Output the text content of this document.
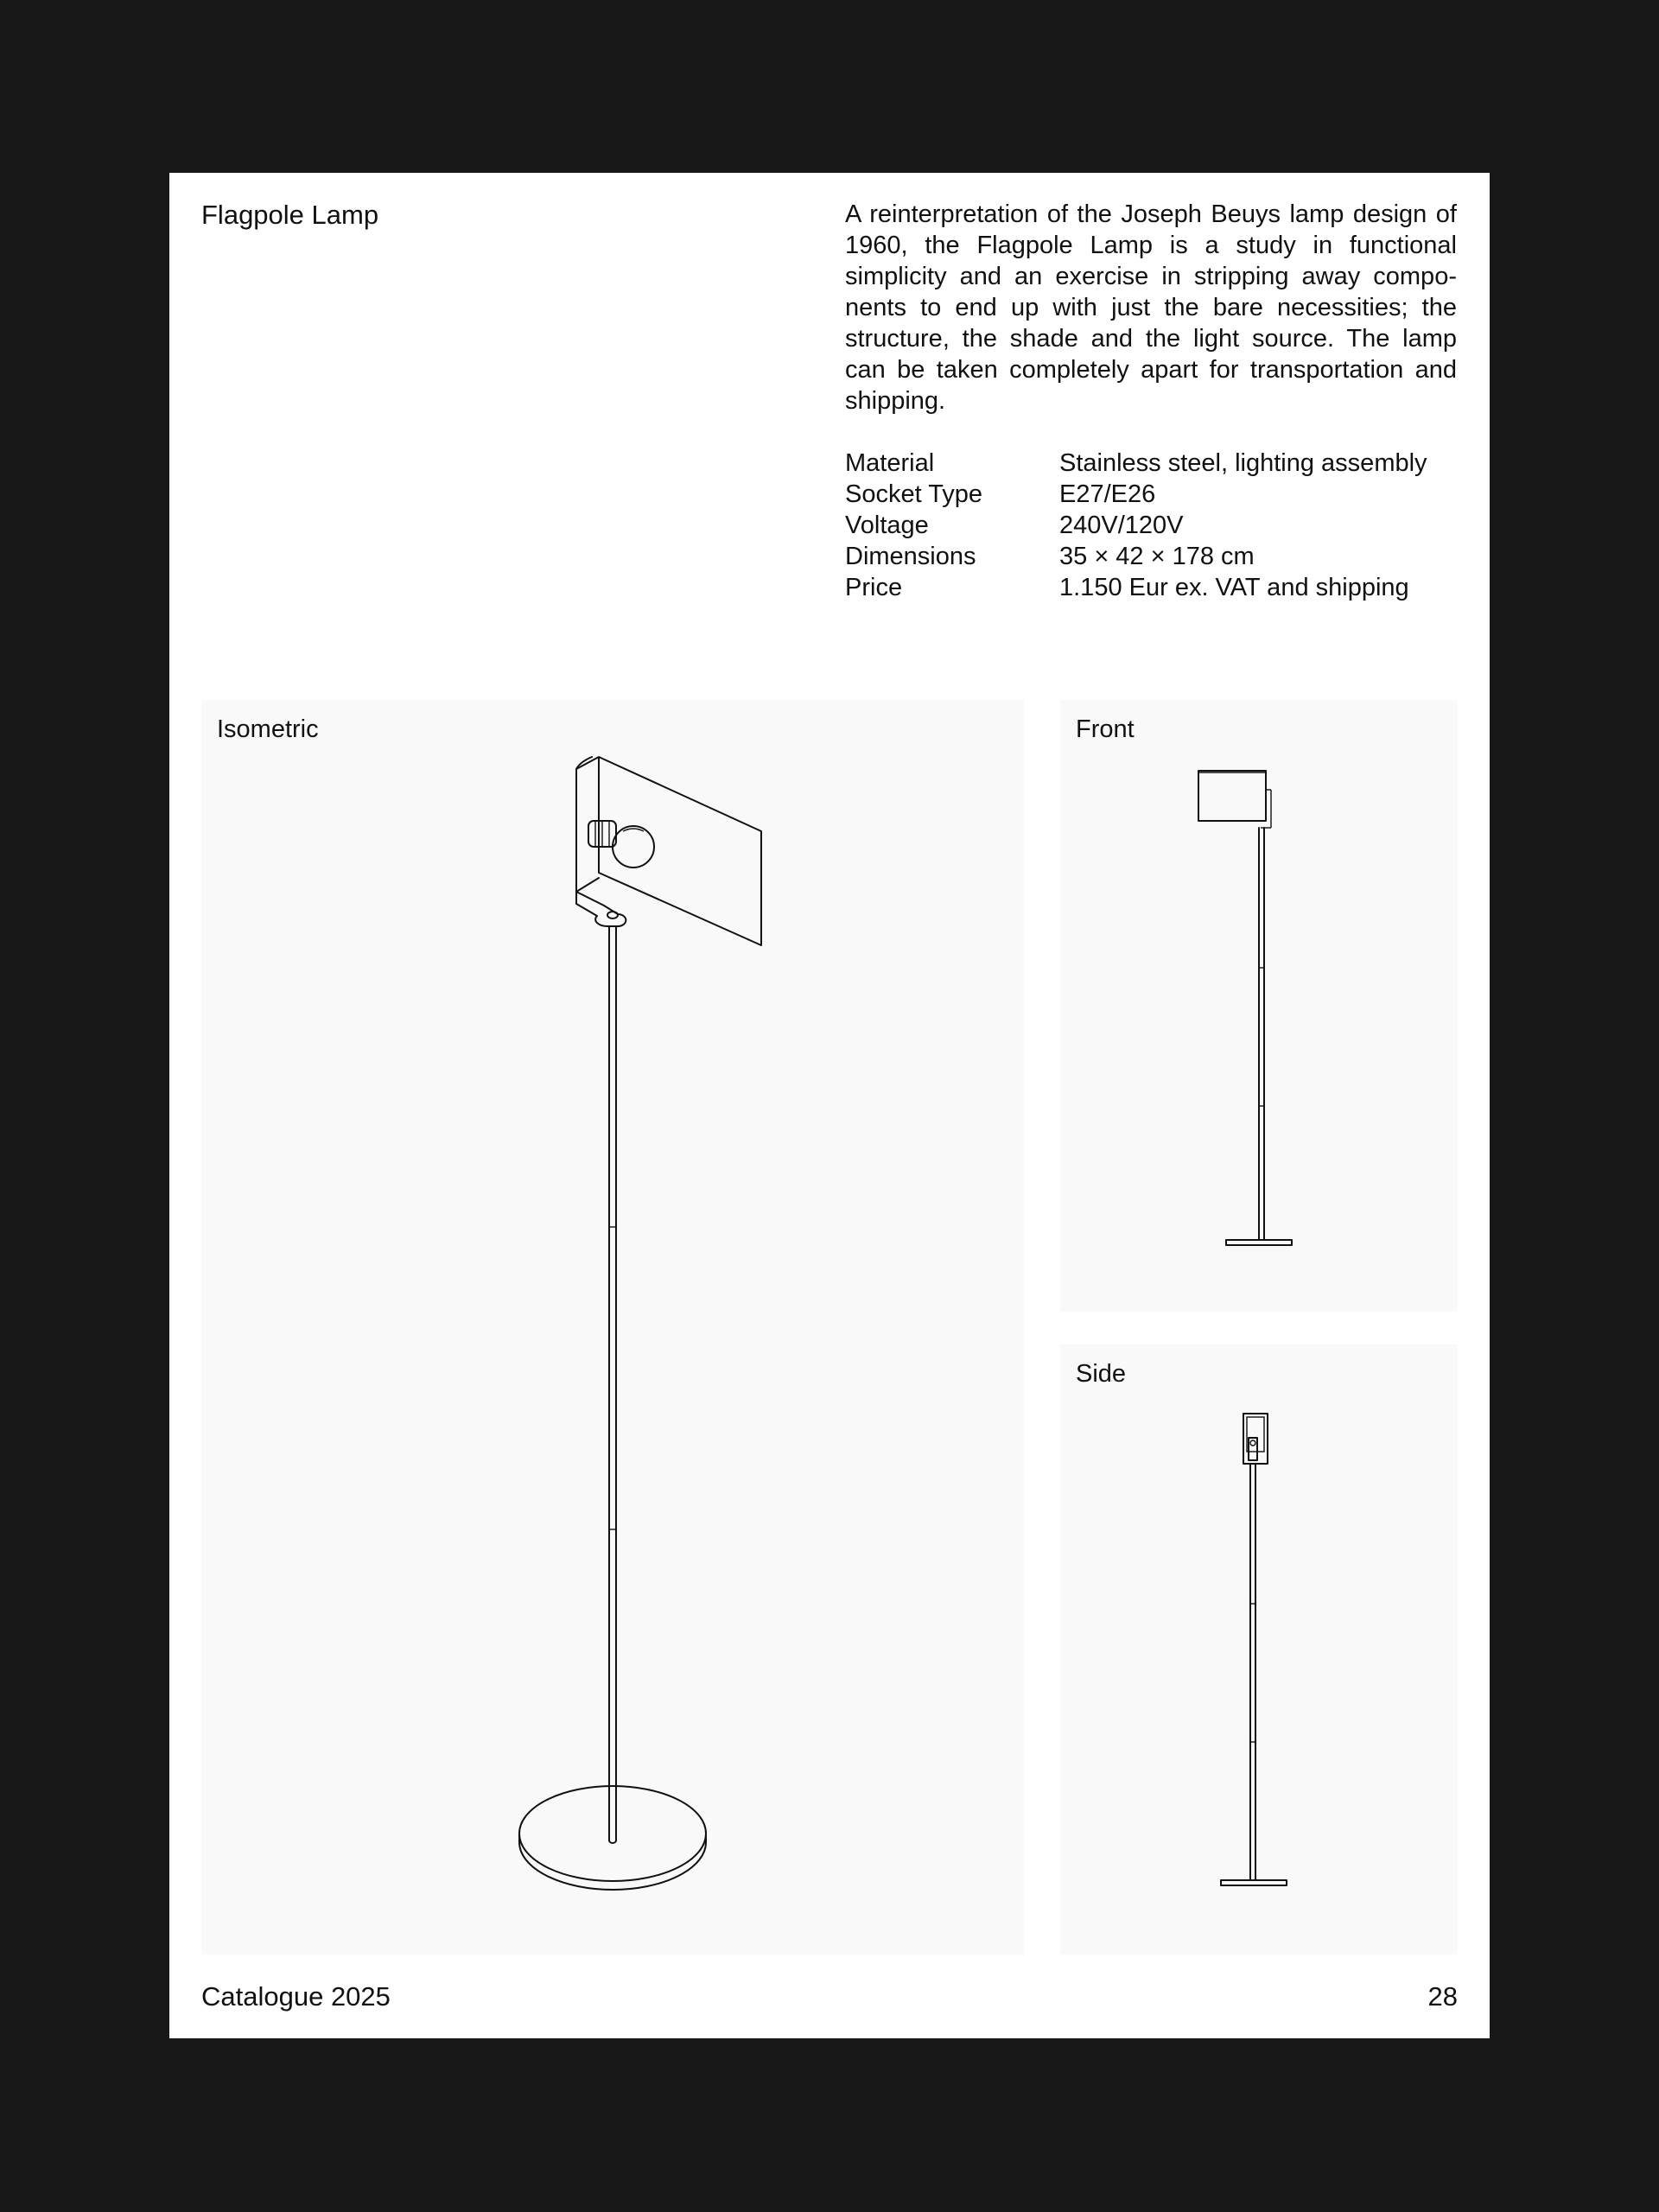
Flagpole Lamp	A reinterpretation of the Joseph Beuys lamp design of 1960, the Flagpole Lamp is a study in functional simplicity and an exercise in stripping away components to end up with just the bare necessities; the structure, the shade and the light source. The lamp can be taken completely apart for transportation and shipping.

Material	Stainless steel, lighting assembly
Socket Type	E27/E26
Voltage	240V/120V
Dimensions	35 × 42 × 178 cm
Price	1.150 Eur ex. VAT and shipping

Isometric	Front

Side

Catalogue 2025	28
